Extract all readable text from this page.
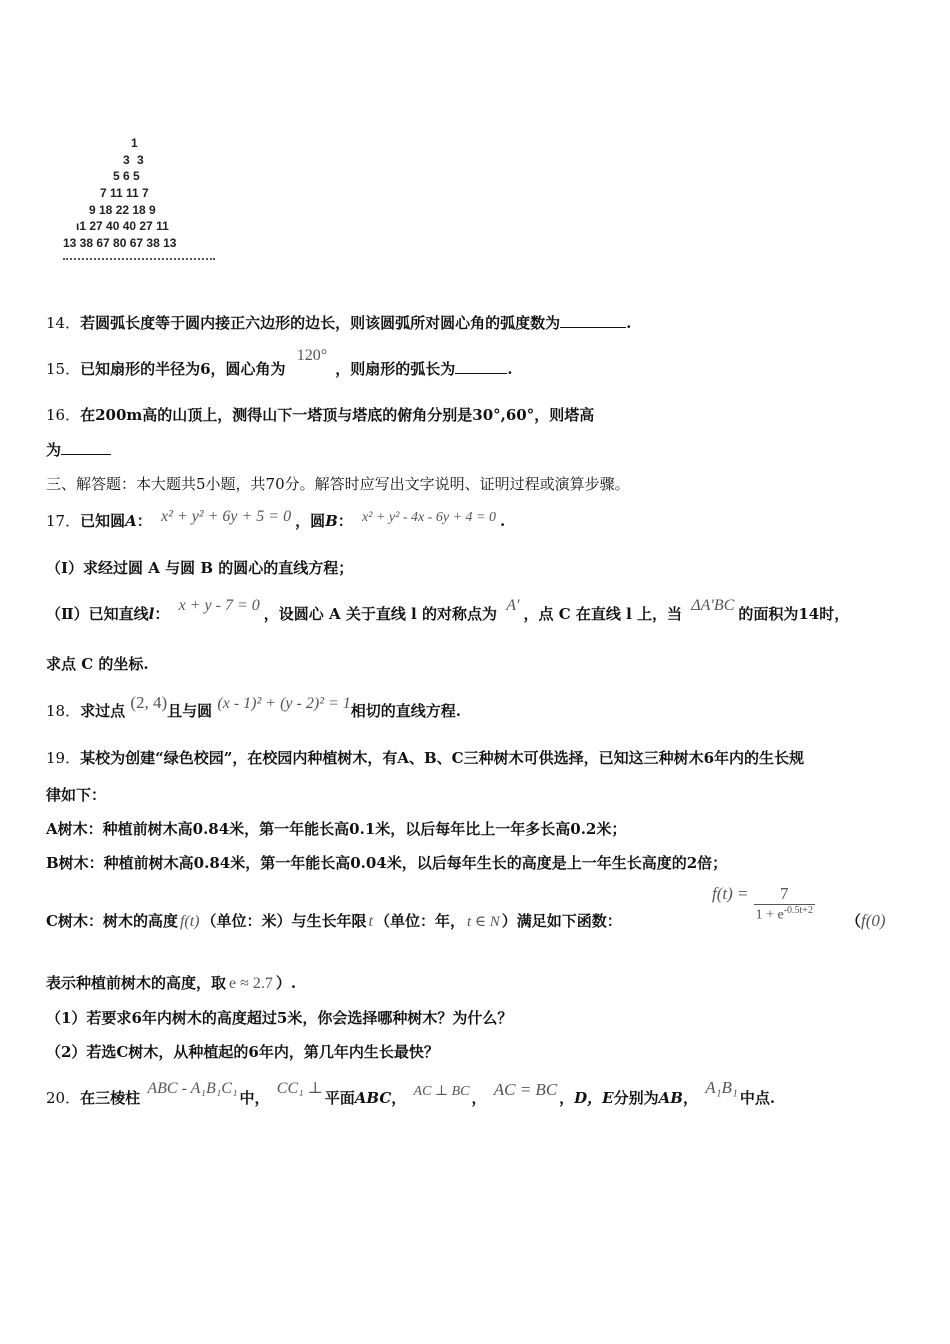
1
3 3
5 6 5
7 11 11 7
9 18 22 18 9
ι1 27 40 40 27 11
13 38 67 80 67 38 13
14．若圆弧长度等于圆内接正六边形的边长，则该圆弧所对圆心角的弧度数为	.
15．已知扇形的半径为6，圆心角为 120°，则扇形的弧长为	.
16．在200m高的山顶上，测得山下一塔顶与塔底的俯角分别是30°,60°，则塔高
为
三、解答题：本大题共5小题，共70分。解答时应写出文字说明、证明过程或演算步骤。
17．已知圆A： x² + y² + 6y + 5 = 0 ，圆B： x² + y² - 4x - 6y + 4 = 0 .
（Ⅰ）求经过圆 A 与圆 B 的圆心的直线方程；
（Ⅱ）已知直线l： x + y - 7 = 0 ，设圆心 A 关于直线 l 的对称点为 A′ ，点 C 在直线 l 上，当 ΔA′BC 的面积为14时，
求点 C 的坐标.
18．求过点 (2, 4)且与圆 (x - 1)² + (y - 2)² = 1相切的直线方程.
19．某校为创建“绿色校园”，在校园内种植树木，有A、B、C三种树木可供选择，已知这三种树木6年内的生长规
律如下：
A树木：种植前树木高0.84米，第一年能长高0.1米，以后每年比上一年多长高0.2米；
B树木：种植前树木高0.84米，第一年能长高0.04米，以后每年生长的高度是上一年生长高度的2倍；
C树木：树木的高度 f(t) （单位：米）与生长年限 t （单位：年， t ∈ N ）满足如下函数：
$f(t) = \frac{7}{1 + e^{-0.5t+2}} (f(0)$
表示种植前树木的高度，取 e ≈ 2.7 ）.
（1）若要求6年内树木的高度超过5米，你会选择哪种树木？为什么？
（2）若选C树木，从种植起的6年内，第几年内生长最快？
20．在三棱柱 ABC - A₁B₁C₁中， CC₁ ⊥平面ABC， AC ⊥ BC ， AC = BC ，D，E分别为AB， A₁B₁中点.
